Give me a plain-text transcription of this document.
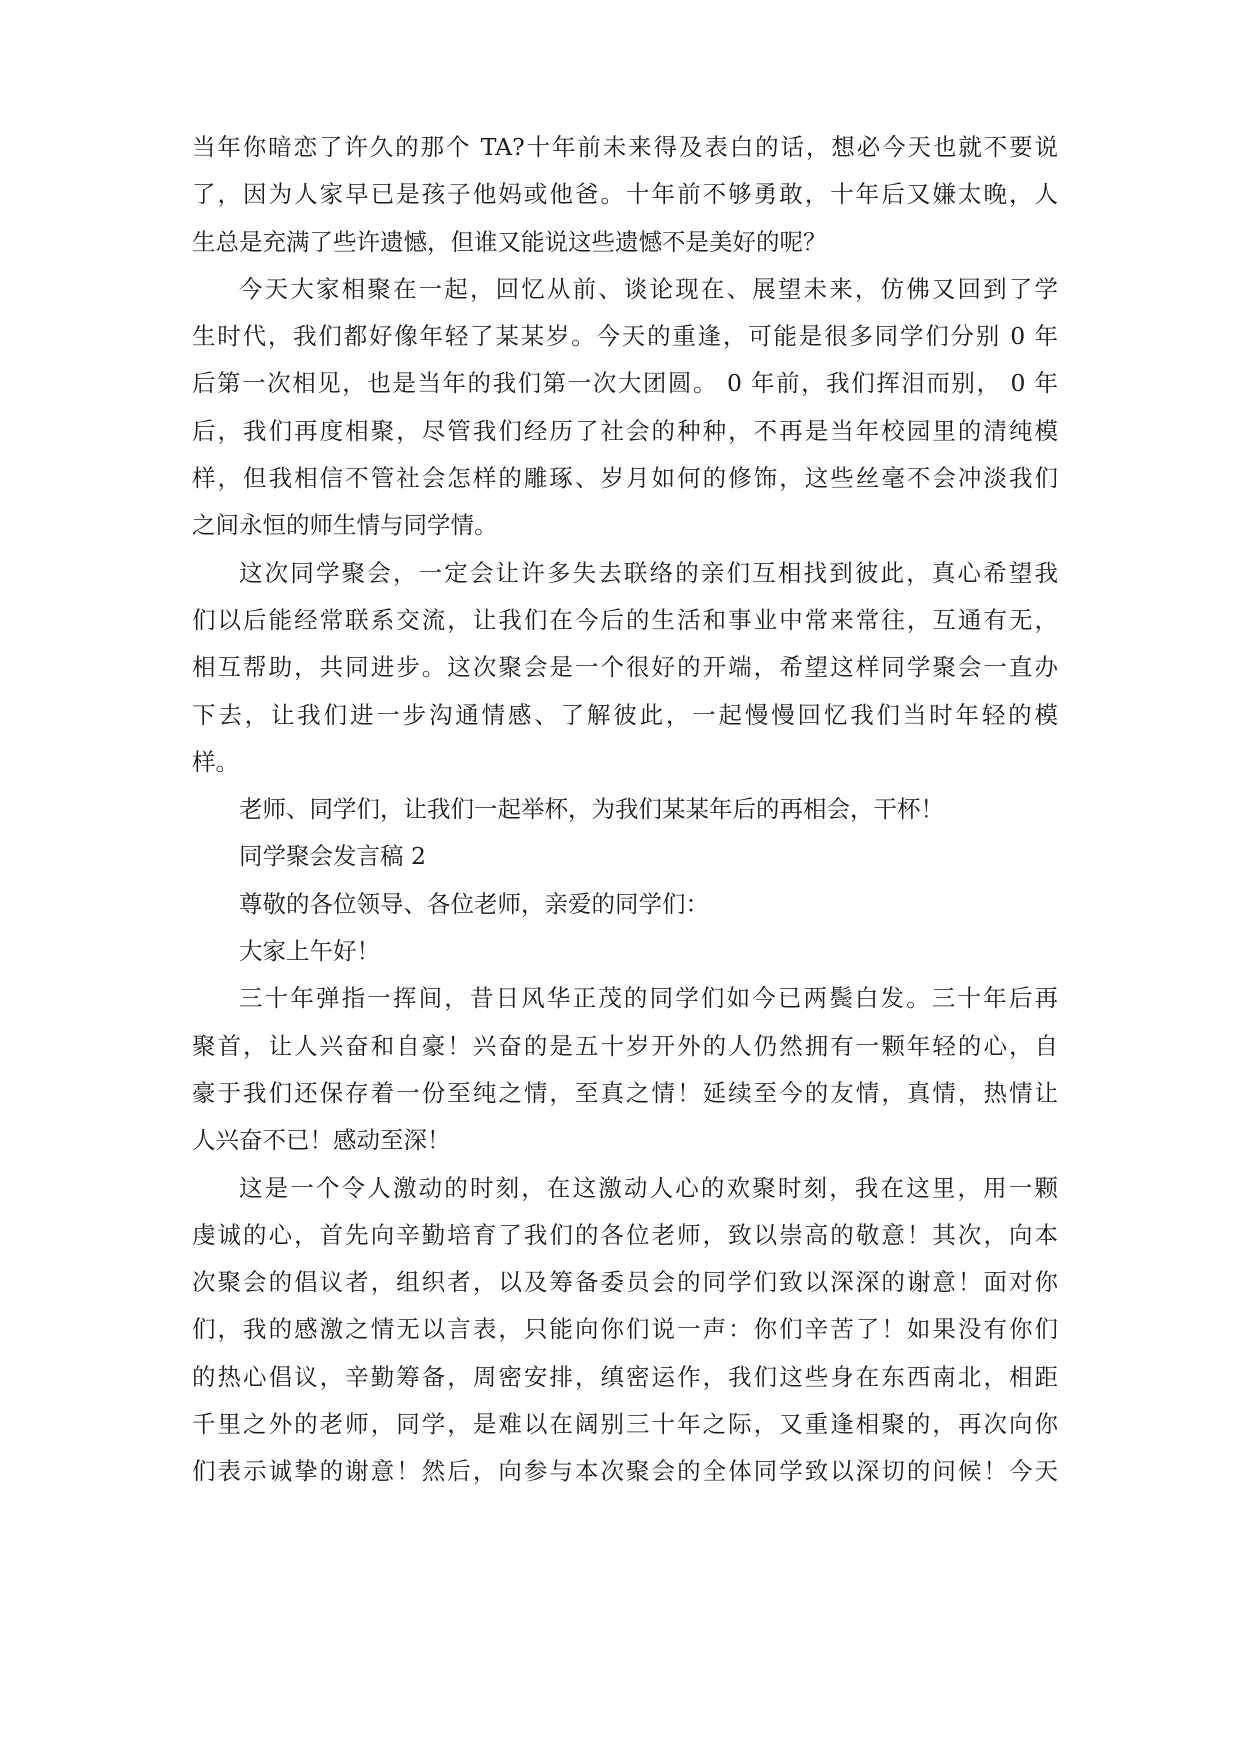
当年你暗恋了许久的那个 TA?十年前未来得及表白的话，想必今天也就不要说
了，因为人家早已是孩子他妈或他爸。十年前不够勇敢，十年后又嫌太晚，人
生总是充满了些许遗憾，但谁又能说这些遗憾不是美好的呢？
今天大家相聚在一起，回忆从前、谈论现在、展望未来，仿佛又回到了学
生时代，我们都好像年轻了某某岁。今天的重逢，可能是很多同学们分别 0 年
后第一次相见，也是当年的我们第一次大团圆。 0 年前，我们挥泪而别， 0 年
后，我们再度相聚，尽管我们经历了社会的种种，不再是当年校园里的清纯模
样，但我相信不管社会怎样的雕琢、岁月如何的修饰，这些丝毫不会冲淡我们
之间永恒的师生情与同学情。
这次同学聚会，一定会让许多失去联络的亲们互相找到彼此，真心希望我
们以后能经常联系交流，让我们在今后的生活和事业中常来常往，互通有无，
相互帮助，共同进步。这次聚会是一个很好的开端，希望这样同学聚会一直办
下去，让我们进一步沟通情感、了解彼此，一起慢慢回忆我们当时年轻的模
样。
老师、同学们，让我们一起举杯，为我们某某年后的再相会，干杯！
同学聚会发言稿 2
尊敬的各位领导、各位老师，亲爱的同学们：
大家上午好！
三十年弹指一挥间，昔日风华正茂的同学们如今已两鬓白发。三十年后再
聚首，让人兴奋和自豪！兴奋的是五十岁开外的人仍然拥有一颗年轻的心，自
豪于我们还保存着一份至纯之情，至真之情！延续至今的友情，真情，热情让
人兴奋不已！感动至深！
这是一个令人激动的时刻，在这激动人心的欢聚时刻，我在这里，用一颗
虔诚的心，首先向辛勤培育了我们的各位老师，致以崇高的敬意！其次，向本
次聚会的倡议者，组织者，以及筹备委员会的同学们致以深深的谢意！面对你
们，我的感激之情无以言表，只能向你们说一声：你们辛苦了！如果没有你们
的热心倡议，辛勤筹备，周密安排，缜密运作，我们这些身在东西南北，相距
千里之外的老师，同学，是难以在阔别三十年之际，又重逢相聚的，再次向你
们表示诚挚的谢意！然后，向参与本次聚会的全体同学致以深切的问候！今天
